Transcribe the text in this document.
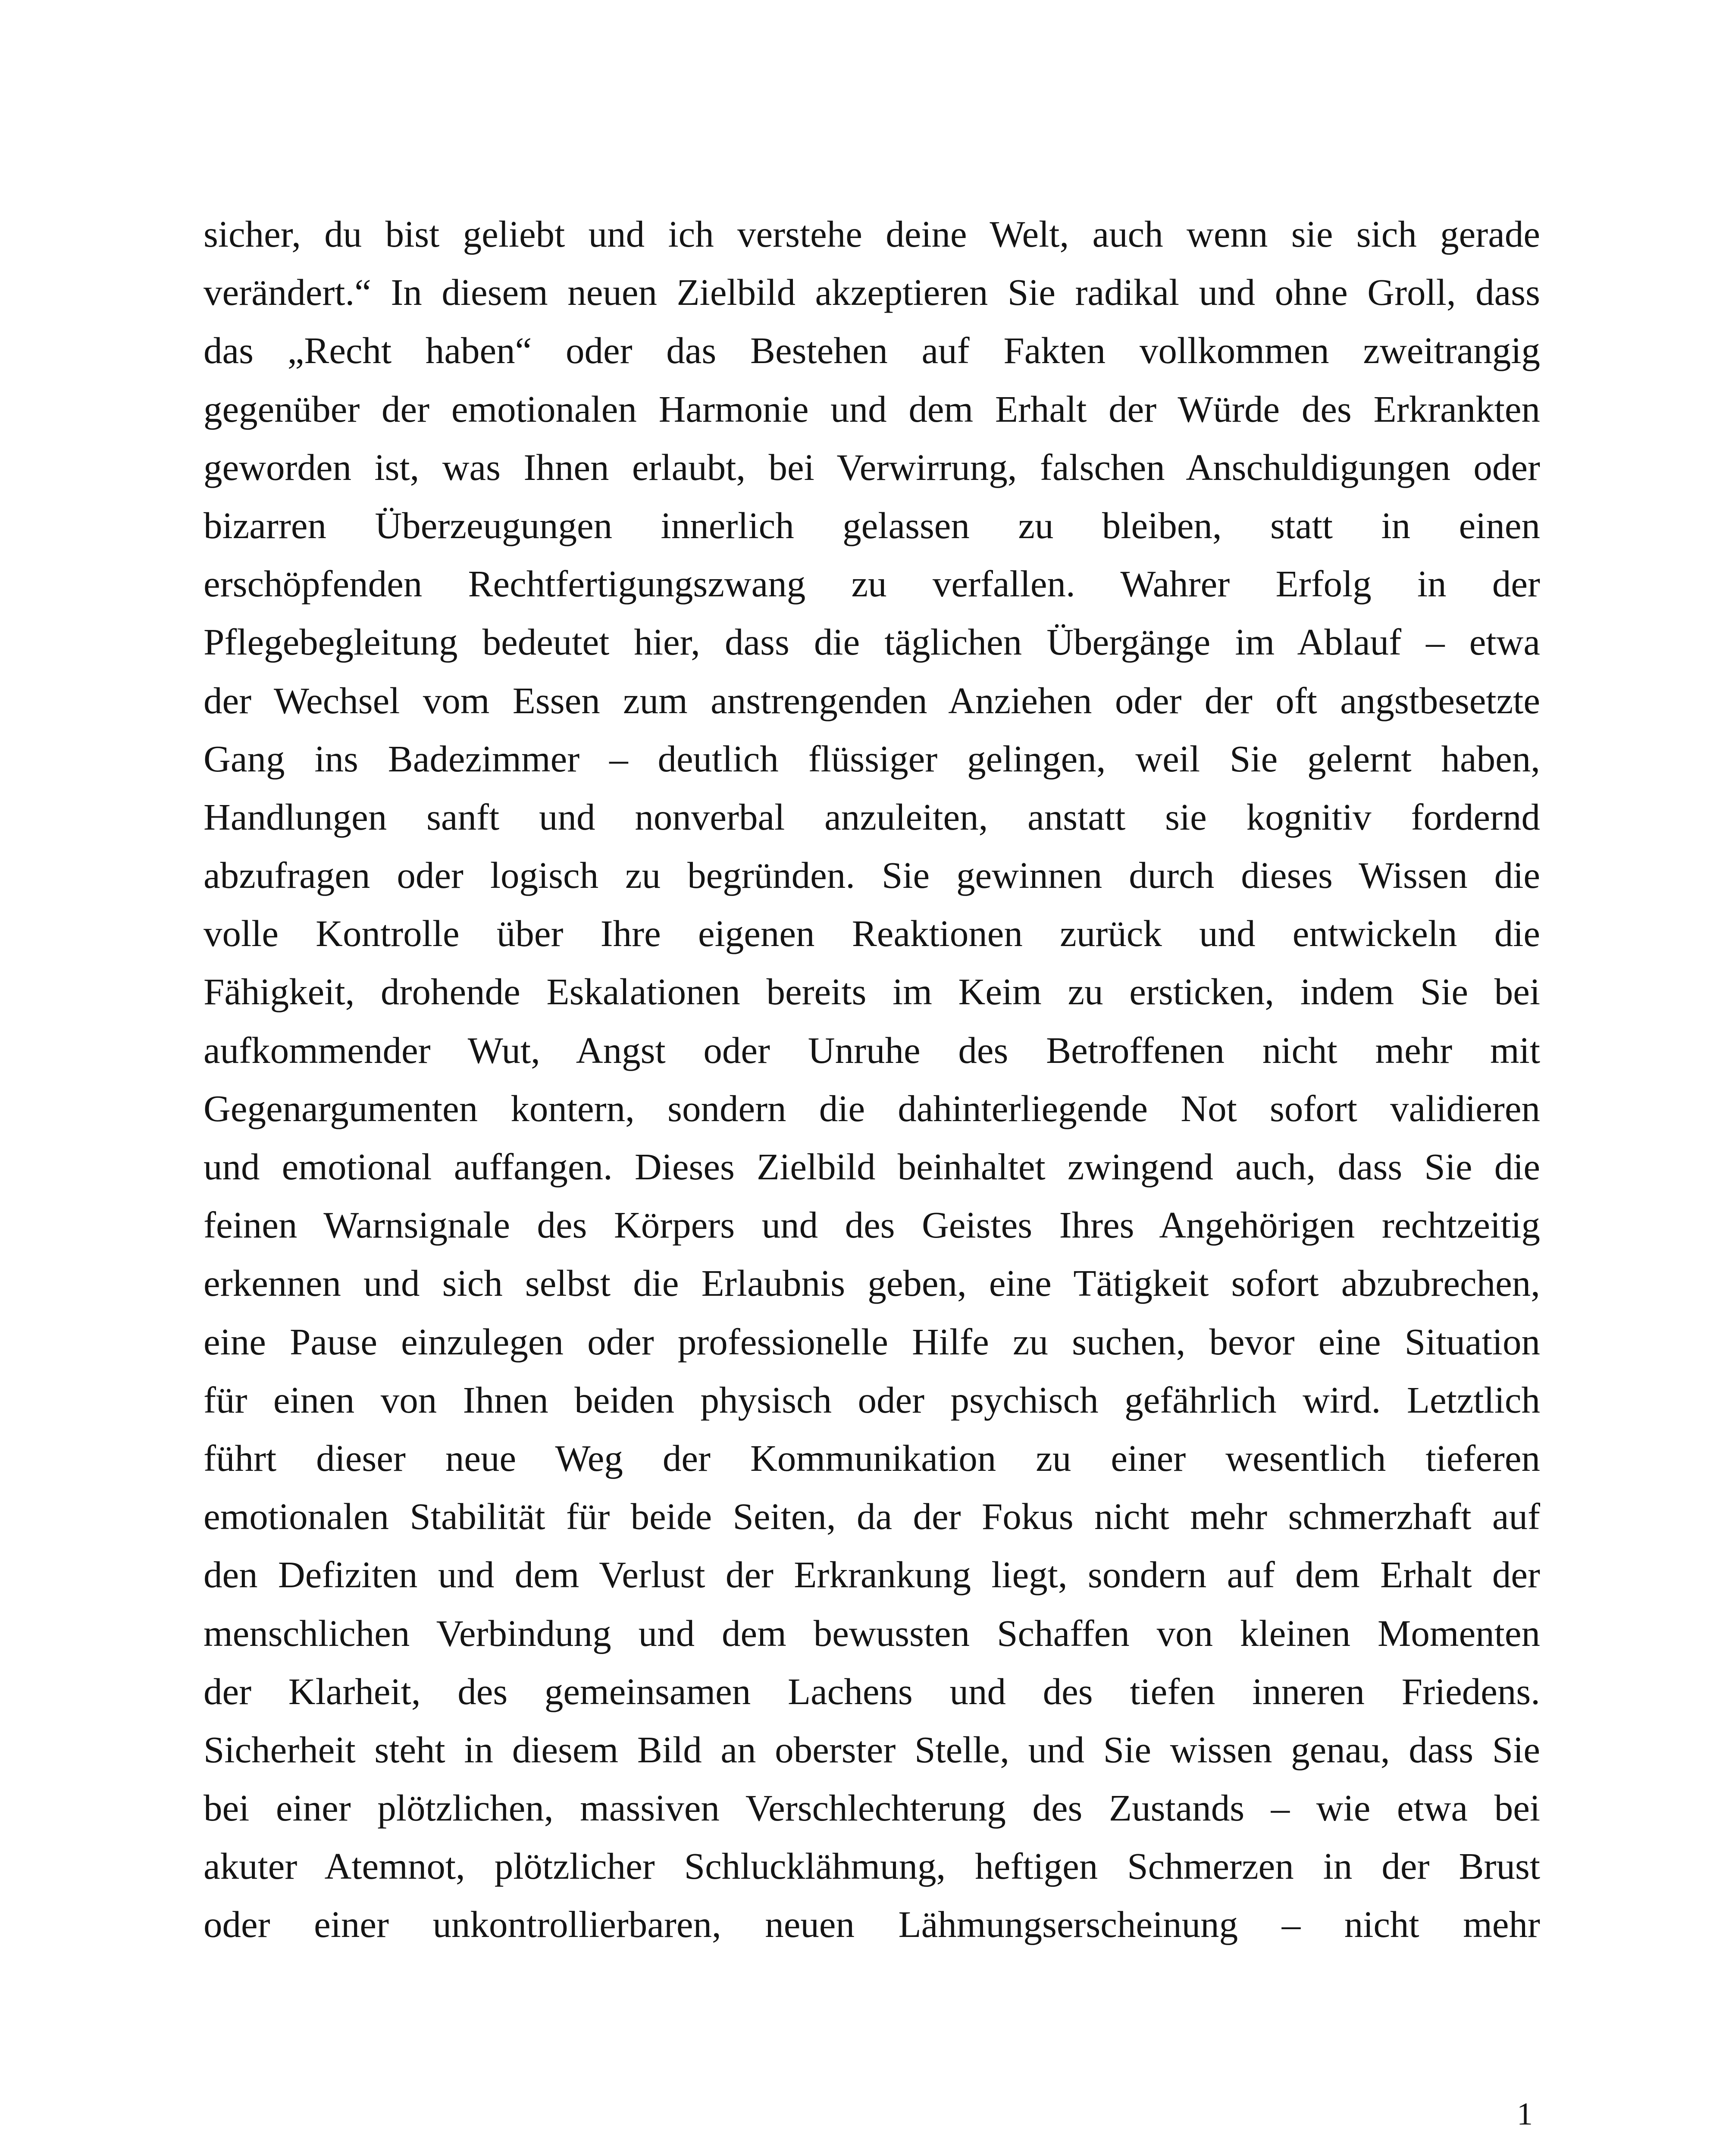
sicher, du bist geliebt und ich verstehe deine Welt, auch wenn sie sich gerade
verändert.“ In diesem neuen Zielbild akzeptieren Sie radikal und ohne Groll, dass
das „Recht haben“ oder das Bestehen auf Fakten vollkommen zweitrangig
gegenüber der emotionalen Harmonie und dem Erhalt der Würde des Erkrankten
geworden ist, was Ihnen erlaubt, bei Verwirrung, falschen Anschuldigungen oder
bizarren Überzeugungen innerlich gelassen zu bleiben, statt in einen
erschöpfenden Rechtfertigungszwang zu verfallen. Wahrer Erfolg in der
Pflegebegleitung bedeutet hier, dass die täglichen Übergänge im Ablauf – etwa
der Wechsel vom Essen zum anstrengenden Anziehen oder der oft angstbesetzte
Gang ins Badezimmer – deutlich flüssiger gelingen, weil Sie gelernt haben,
Handlungen sanft und nonverbal anzuleiten, anstatt sie kognitiv fordernd
abzufragen oder logisch zu begründen. Sie gewinnen durch dieses Wissen die
volle Kontrolle über Ihre eigenen Reaktionen zurück und entwickeln die
Fähigkeit, drohende Eskalationen bereits im Keim zu ersticken, indem Sie bei
aufkommender Wut, Angst oder Unruhe des Betroffenen nicht mehr mit
Gegenargumenten kontern, sondern die dahinterliegende Not sofort validieren
und emotional auffangen. Dieses Zielbild beinhaltet zwingend auch, dass Sie die
feinen Warnsignale des Körpers und des Geistes Ihres Angehörigen rechtzeitig
erkennen und sich selbst die Erlaubnis geben, eine Tätigkeit sofort abzubrechen,
eine Pause einzulegen oder professionelle Hilfe zu suchen, bevor eine Situation
für einen von Ihnen beiden physisch oder psychisch gefährlich wird. Letztlich
führt dieser neue Weg der Kommunikation zu einer wesentlich tieferen
emotionalen Stabilität für beide Seiten, da der Fokus nicht mehr schmerzhaft auf
den Defiziten und dem Verlust der Erkrankung liegt, sondern auf dem Erhalt der
menschlichen Verbindung und dem bewussten Schaffen von kleinen Momenten
der Klarheit, des gemeinsamen Lachens und des tiefen inneren Friedens.
Sicherheit steht in diesem Bild an oberster Stelle, und Sie wissen genau, dass Sie
bei einer plötzlichen, massiven Verschlechterung des Zustands – wie etwa bei
akuter Atemnot, plötzlicher Schlucklähmung, heftigen Schmerzen in der Brust
oder einer unkontrollierbaren, neuen Lähmungserscheinung – nicht mehr
1
